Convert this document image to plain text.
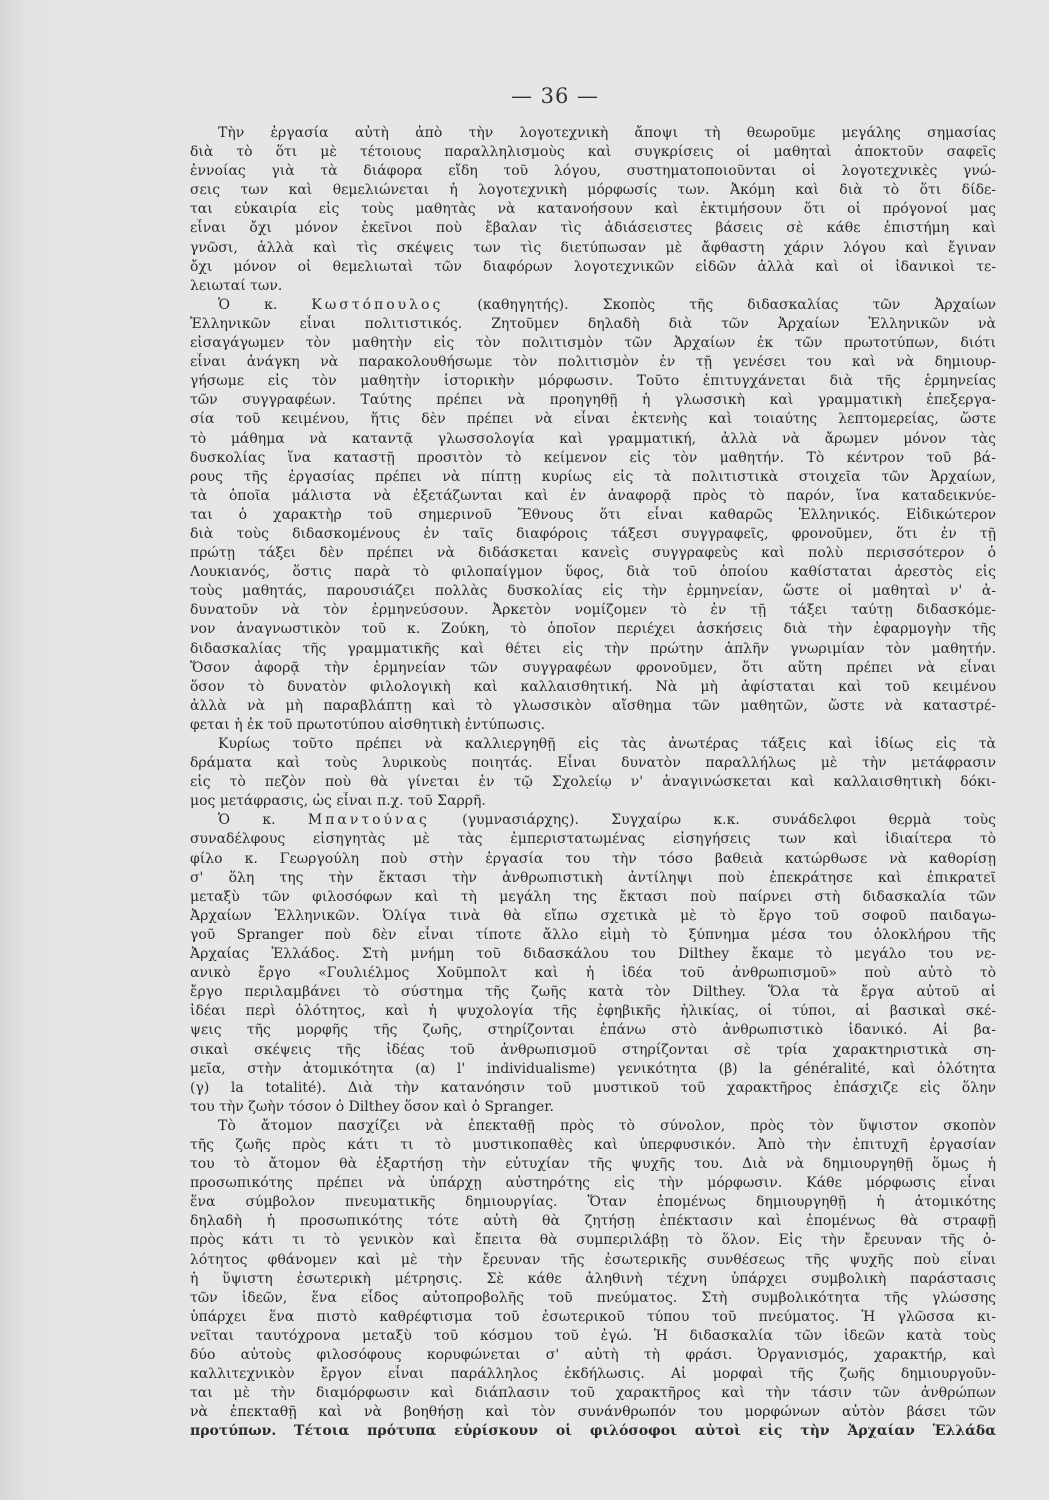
— 36 —
Τὴν ἐργασία αὐτὴ ἀπὸ τὴν λογοτεχνικὴ ἄποψι τὴ θεωροῦμε μεγάλης σημασίας
διὰ τὸ ὅτι μὲ τέτοιους παραλληλισμοὺς καὶ συγκρίσεις οἱ μαθηταὶ ἀποκτοῦν σαφεῖς
ἐννοίας γιὰ τὰ διάφορα εἴδη τοῦ λόγου, συστηματοποιοῦνται οἱ λογοτεχνικὲς γνώ-
σεις των καὶ θεμελιώνεται ἡ λογοτεχνικὴ μόρφωσίς των. Ἀκόμη καὶ διὰ τὸ ὅτι δίδε-
ται εὐκαιρία εἰς τοὺς μαθητὰς νὰ κατανοήσουν καὶ ἐκτιμήσουν ὅτι οἱ πρόγονοί μας
εἶναι ὄχι μόνον ἐκεῖνοι ποὺ ἔβαλαν τὶς ἀδιάσειστες βάσεις σὲ κάθε ἐπιστήμη καὶ
γνῶσι, ἀλλὰ καὶ τὶς σκέψεις των τὶς διετύπωσαν μὲ ἄφθαστη χάριν λόγου καὶ ἔγιναν
ὄχι μόνον οἱ θεμελιωταὶ τῶν διαφόρων λογοτεχνικῶν εἰδῶν ἀλλὰ καὶ οἱ ἰδανικοὶ τε-
λειωταί των.
Ὁ κ. Κωστόπουλος (καθηγητής). Σκοπὸς τῆς διδασκαλίας τῶν Ἀρχαίων
Ἑλληνικῶν εἶναι πολιτιστικός. Ζητοῦμεν δηλαδὴ διὰ τῶν Ἀρχαίων Ἑλληνικῶν νὰ
εἰσαγάγωμεν τὸν μαθητὴν εἰς τὸν πολιτισμὸν τῶν Ἀρχαίων ἐκ τῶν πρωτοτύπων, διότι
εἶναι ἀνάγκη νὰ παρακολουθήσωμε τὸν πολιτισμὸν ἐν τῇ γενέσει του καὶ νὰ δημιουρ-
γήσωμε εἰς τὸν μαθητὴν ἱστορικὴν μόρφωσιν. Τοῦτο ἐπιτυγχάνεται διὰ τῆς ἑρμηνείας
τῶν συγγραφέων. Ταύτης πρέπει νὰ προηγηθῇ ἡ γλωσσικὴ καὶ γραμματικὴ ἐπεξεργα-
σία τοῦ κειμένου, ἥτις δὲν πρέπει νὰ εἶναι ἐκτενὴς καὶ τοιαύτης λεπτομερείας, ὥστε
τὸ μάθημα νὰ καταντᾷ γλωσσολογία καὶ γραμματική, ἀλλὰ νὰ ἄρωμεν μόνον τὰς
δυσκολίας ἵνα καταστῇ προσιτὸν τὸ κείμενον εἰς τὸν μαθητήν. Τὸ κέντρον τοῦ βά-
ρους τῆς ἐργασίας πρέπει νὰ πίπτῃ κυρίως εἰς τὰ πολιτιστικὰ στοιχεῖα τῶν Ἀρχαίων,
τὰ ὁποῖα μάλιστα νὰ ἐξετάζωνται καὶ ἐν ἀναφορᾷ πρὸς τὸ παρόν, ἵνα καταδεικνύε-
ται ὁ χαρακτὴρ τοῦ σημερινοῦ Ἔθνους ὅτι εἶναι καθαρῶς Ἑλληνικός. Εἰδικώτερον
διὰ τοὺς διδασκομένους ἐν ταῖς διαφόροις τάξεσι συγγραφεῖς, φρονοῦμεν, ὅτι ἐν τῇ
πρώτῃ τάξει δὲν πρέπει νὰ διδάσκεται κανεὶς συγγραφεὺς καὶ πολὺ περισσότερον ὁ
Λουκιανός, ὅστις παρὰ τὸ φιλοπαίγμον ὕφος, διὰ τοῦ ὁποίου καθίσταται ἀρεστὸς εἰς
τοὺς μαθητάς, παρουσιάζει πολλὰς δυσκολίας εἰς τὴν ἑρμηνείαν, ὥστε οἱ μαθηταὶ ν' ἀ-
δυνατοῦν νὰ τὸν ἑρμηνεύσουν. Ἀρκετὸν νομίζομεν τὸ ἐν τῇ τάξει ταύτῃ διδασκόμε-
νον ἀναγνωστικὸν τοῦ κ. Ζούκη, τὸ ὁποῖον περιέχει ἀσκήσεις διὰ τὴν ἐφαρμογὴν τῆς
διδασκαλίας τῆς γραμματικῆς καὶ θέτει εἰς τὴν πρώτην ἁπλῆν γνωριμίαν τὸν μαθητήν.
Ὅσον ἀφορᾷ τὴν ἑρμηνείαν τῶν συγγραφέων φρονοῦμεν, ὅτι αὕτη πρέπει νὰ εἶναι
ὅσον τὸ δυνατὸν φιλολογικὴ καὶ καλλαισθητική. Νὰ μὴ ἀφίσταται καὶ τοῦ κειμένου
ἀλλὰ νὰ μὴ παραβλάπτῃ καὶ τὸ γλωσσικὸν αἴσθημα τῶν μαθητῶν, ὥστε νὰ καταστρέ-
φεται ἡ ἐκ τοῦ πρωτοτύπου αἰσθητικὴ ἐντύπωσις.
Κυρίως τοῦτο πρέπει νὰ καλλιεργηθῇ εἰς τὰς ἀνωτέρας τάξεις καὶ ἰδίως εἰς τὰ
δράματα καὶ τοὺς λυρικοὺς ποιητάς. Εἶναι δυνατὸν παραλλήλως μὲ τὴν μετάφρασιν
εἰς τὸ πεζὸν ποὺ θὰ γίνεται ἐν τῷ Σχολείῳ ν' ἀναγινώσκεται καὶ καλλαισθητικὴ δόκι-
μος μετάφρασις, ὡς εἶναι π.χ. τοῦ Σαρρῆ.
Ὁ κ. Μπαντούνας (γυμνασιάρχης). Συγχαίρω κ.κ. συνάδελφοι θερμὰ τοὺς
συναδέλφους εἰσηγητὰς μὲ τὰς ἐμπεριστατωμένας εἰσηγήσεις των καὶ ἰδιαίτερα τὸ
φίλο κ. Γεωργούλη ποὺ στὴν ἐργασία του τὴν τόσο βαθειὰ κατώρθωσε νὰ καθορίσῃ
σ' ὅλη της τὴν ἔκτασι τὴν ἀνθρωπιστικὴ ἀντίληψι ποὺ ἐπεκράτησε καὶ ἐπικρατεῖ
μεταξὺ τῶν φιλοσόφων καὶ τὴ μεγάλη της ἔκτασι ποὺ παίρνει στὴ διδασκαλία τῶν
Ἀρχαίων Ἑλληνικῶν. Ὀλίγα τινὰ θὰ εἴπω σχετικὰ μὲ τὸ ἔργο τοῦ σοφοῦ παιδαγω-
γοῦ Spranger ποὺ δὲν εἶναι τίποτε ἄλλο εἰμὴ τὸ ξύπνημα μέσα του ὁλοκλήρου τῆς
Ἀρχαίας Ἑλλάδος. Στὴ μνήμη τοῦ διδασκάλου του Dilthey ἔκαμε τὸ μεγάλο του νε-
ανικὸ ἔργο «Γουλιέλμος Χοῦμπολτ καὶ ἡ ἰδέα τοῦ ἀνθρωπισμοῦ» ποὺ αὐτὸ τὸ
ἔργο περιλαμβάνει τὸ σύστημα τῆς ζωῆς κατὰ τὸν Dilthey. Ὅλα τὰ ἔργα αὐτοῦ αἱ
ἰδέαι περὶ ὁλότητος, καὶ ἡ ψυχολογία τῆς ἐφηβικῆς ἡλικίας, οἱ τύποι, αἱ βασικαὶ σκέ-
ψεις τῆς μορφῆς τῆς ζωῆς, στηρίζονται ἐπάνω στὸ ἀνθρωπιστικὸ ἰδανικό. Αἱ βα-
σικαὶ σκέψεις τῆς ἰδέας τοῦ ἀνθρωπισμοῦ στηρίζονται σὲ τρία χαρακτηριστικὰ ση-
μεῖα, στὴν ἀτομικότητα (α) l' individualisme) γενικότητα (β) la généralité, καὶ ὁλότητα
(γ) la totalité). Διὰ τὴν κατανόησιν τοῦ μυστικοῦ τοῦ χαρακτῆρος ἐπάσχιζε εἰς ὅλην
του τὴν ζωὴν τόσον ὁ Dilthey ὅσον καὶ ὁ Spranger.
Τὸ ἄτομον πασχίζει νὰ ἐπεκταθῇ πρὸς τὸ σύνολον, πρὸς τὸν ὕψιστον σκοπὸν
τῆς ζωῆς πρὸς κάτι τι τὸ μυστικοπαθὲς καὶ ὑπερφυσικόν. Ἀπὸ τὴν ἐπιτυχῆ ἐργασίαν
του τὸ ἄτομον θὰ ἐξαρτήσῃ τὴν εὐτυχίαν τῆς ψυχῆς του. Διὰ νὰ δημιουργηθῇ ὅμως ἡ
προσωπικότης πρέπει νὰ ὑπάρχῃ αὐστηρότης εἰς τὴν μόρφωσιν. Κάθε μόρφωσις εἶναι
ἕνα σύμβολον πνευματικῆς δημιουργίας. Ὅταν ἐπομένως δημιουργηθῇ ἡ ἀτομικότης
δηλαδὴ ἡ προσωπικότης τότε αὐτὴ θὰ ζητήσῃ ἐπέκτασιν καὶ ἐπομένως θὰ στραφῇ
πρὸς κάτι τι τὸ γενικὸν καὶ ἔπειτα θὰ συμπεριλάβῃ τὸ ὅλον. Εἰς τὴν ἔρευναν τῆς ὁ-
λότητος φθάνομεν καὶ μὲ τὴν ἔρευναν τῆς ἐσωτερικῆς συνθέσεως τῆς ψυχῆς ποὺ εἶναι
ἡ ὕψιστη ἐσωτερικὴ μέτρησις. Σὲ κάθε ἀληθινὴ τέχνη ὑπάρχει συμβολικὴ παράστασις
τῶν ἰδεῶν, ἕνα εἶδος αὐτοπροβολῆς τοῦ πνεύματος. Στὴ συμβολικότητα τῆς γλώσσης
ὑπάρχει ἕνα πιστὸ καθρέφτισμα τοῦ ἐσωτερικοῦ τύπου τοῦ πνεύματος. Ἡ γλῶσσα κι-
νεῖται ταυτόχρονα μεταξὺ τοῦ κόσμου τοῦ ἐγώ. Ἡ διδασκαλία τῶν ἰδεῶν κατὰ τοὺς
δύο αὐτοὺς φιλοσόφους κορυφώνεται σ' αὐτὴ τὴ φράσι. Ὀργανισμός, χαρακτήρ, καὶ
καλλιτεχνικὸν ἔργον εἶναι παράλληλος ἐκδήλωσις. Αἱ μορφαὶ τῆς ζωῆς δημιουργοῦν-
ται μὲ τὴν διαμόρφωσιν καὶ διάπλασιν τοῦ χαρακτῆρος καὶ τὴν τάσιν τῶν ἀνθρώπων
νὰ ἐπεκταθῇ καὶ νὰ βοηθήσῃ καὶ τὸν συνάνθρωπόν του μορφώνων αὐτὸν βάσει τῶν
προτύπων. Τέτοια πρότυπα εὑρίσκουν οἱ φιλόσοφοι αὐτοὶ εἰς τὴν Ἀρχαίαν Ἑλλάδα
